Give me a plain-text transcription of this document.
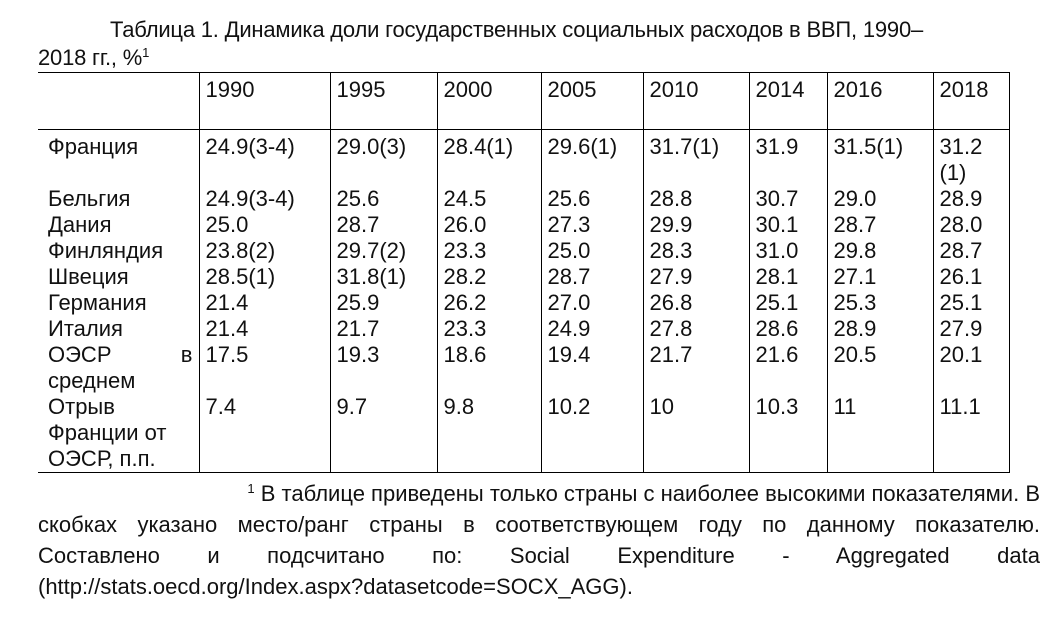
Таблица 1. Динамика доли государственных социальных расходов в ВВП, 1990–
2018 гг., %$^1$
	1990	1995	2000	2005	2010	2014	2016	2018
Франция	24.9(3-4)	29.0(3)	28.4(1)	29.6(1)	31.7(1)	31.9	31.5(1)	31.2 (1)
Бельгия	24.9(3-4)	25.6	24.5	25.6	28.8	30.7	29.0	28.9
Дания	25.0	28.7	26.0	27.3	29.9	30.1	28.7	28.0
Финляндия	23.8(2)	29.7(2)	23.3	25.0	28.3	31.0	29.8	28.7
Швеция	28.5(1)	31.8(1)	28.2	28.7	27.9	28.1	27.1	26.1
Германия	21.4	25.9	26.2	27.0	26.8	25.1	25.3	25.1
Италия	21.4	21.7	23.3	24.9	27.8	28.6	28.9	27.9
ОЭСР в среднем	17.5	19.3	18.6	19.4	21.7	21.6	20.5	20.1
Отрыв Франции от ОЭСР, п.п.	7.4	9.7	9.8	10.2	10	10.3	11	11.1
$^1$ В таблице приведены только страны с наиболее высокими показателями. В
скобках указано место/ранг страны в соответствующем году по данному показателю.
Составлено и подсчитано по: Social Expenditure - Aggregated data
(http://stats.oecd.org/Index.aspx?datasetcode=SOCX_AGG).
